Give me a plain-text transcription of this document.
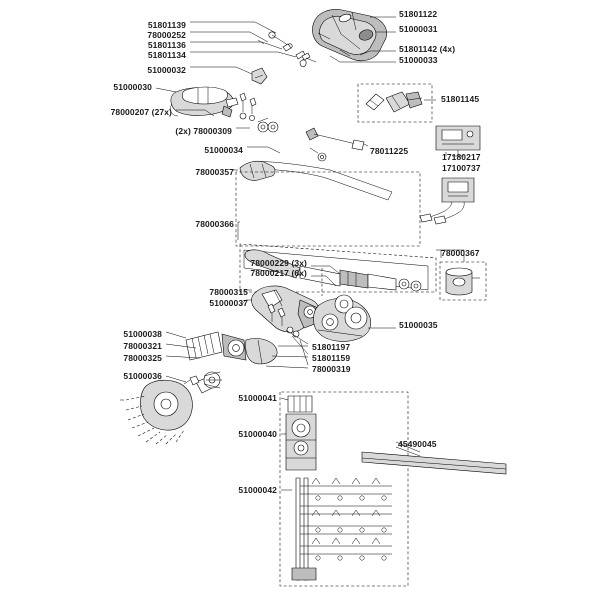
51801139
78000252
51801136
51801134
51000032
51000030
78000207 (27x)
(2x) 78000309
51000034
78000357
78000366
78000229 (3x)
78000217 (6x)
78000315
51000037
51000038
78000321
78000325
51000036
51000041
51000040
51000042
51801122
51000031
51801142 (4x)
51000033
51801145
17180217
17100737
78011225
78000367
51000035
51801197
51801159
78000319
45490045
